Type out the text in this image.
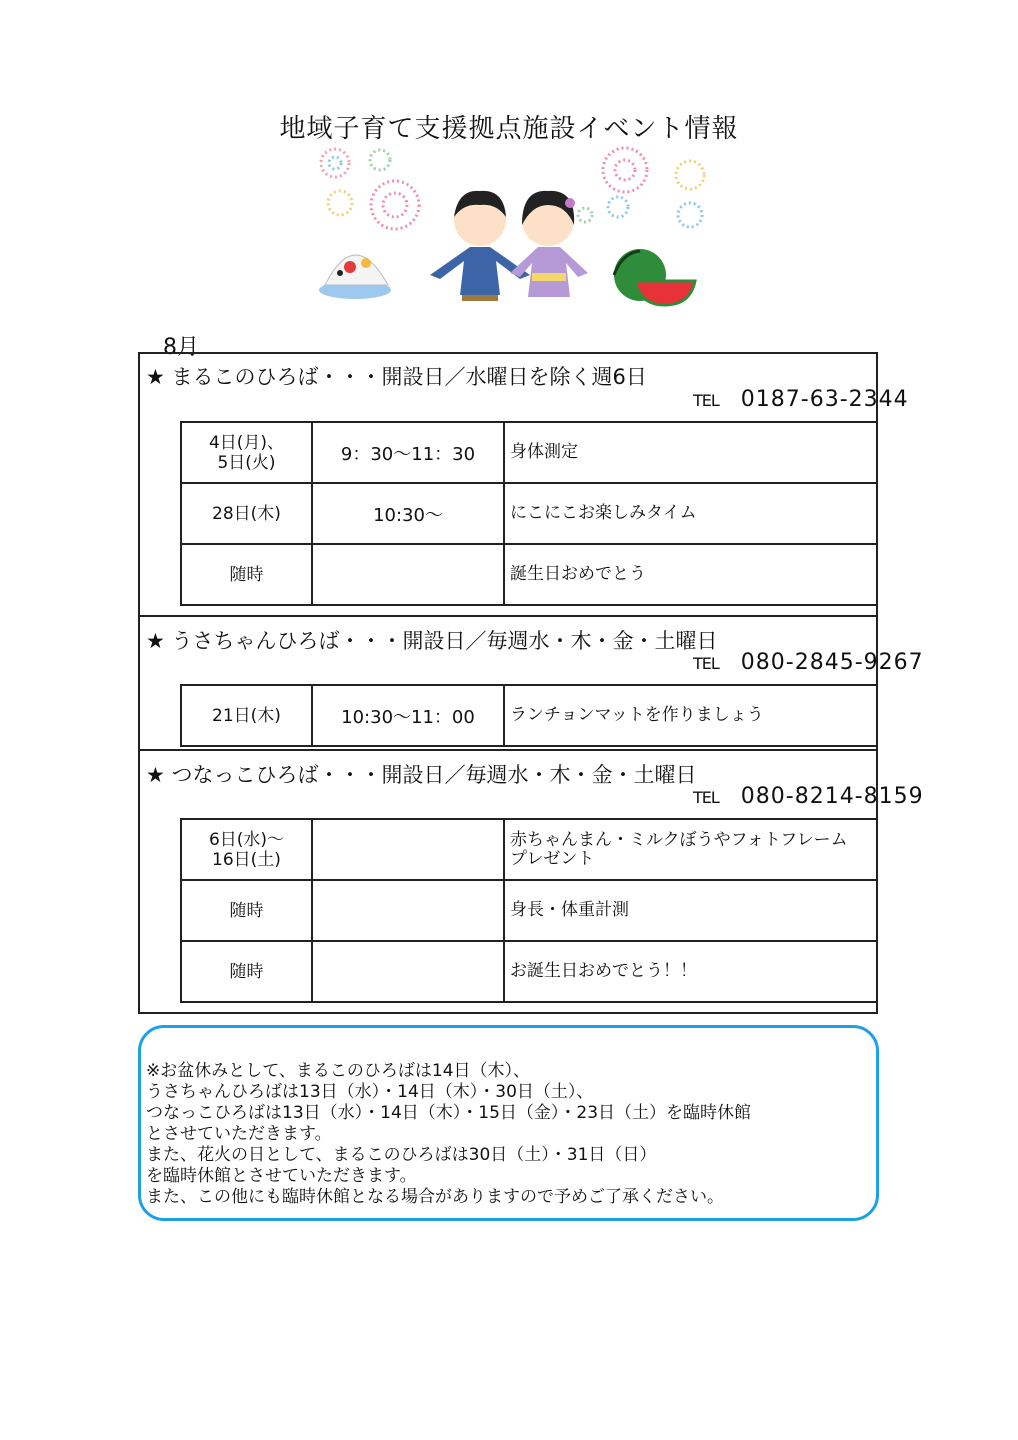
地域子育て支援拠点施設イベント情報
8月
★ まるこのひろば・・・開設日／水曜日を除く週6日
TEL 0187-63-2344
4日(月)、
5日(火)	9：30〜11：30	身体測定
28日(木)	10:30〜	にこにこお楽しみタイム
随時		誕生日おめでとう
★ うさちゃんひろば・・・開設日／毎週水・木・金・土曜日
TEL 080-2845-9267
21日(木)	10:30〜11：00	ランチョンマットを作りましょう
★ つなっこひろば・・・開設日／毎週水・木・金・土曜日
TEL 080-8214-8159
6日(水)〜
16日(土)		赤ちゃんまん・ミルクぼうやフォトフレーム
プレゼント
随時		身長・体重計測
随時		お誕生日おめでとう！！
※お盆休みとして、まるこのひろばは14日（木）、
うさちゃんひろばは13日（水）・14日（木）・30日（土）、
つなっこひろばは13日（水）・14日（木）・15日（金）・23日（土）を臨時休館
とさせていただきます。
また、花火の日として、まるこのひろばは30日（土）・31日（日）
を臨時休館とさせていただきます。
また、この他にも臨時休館となる場合がありますので予めご了承ください。
